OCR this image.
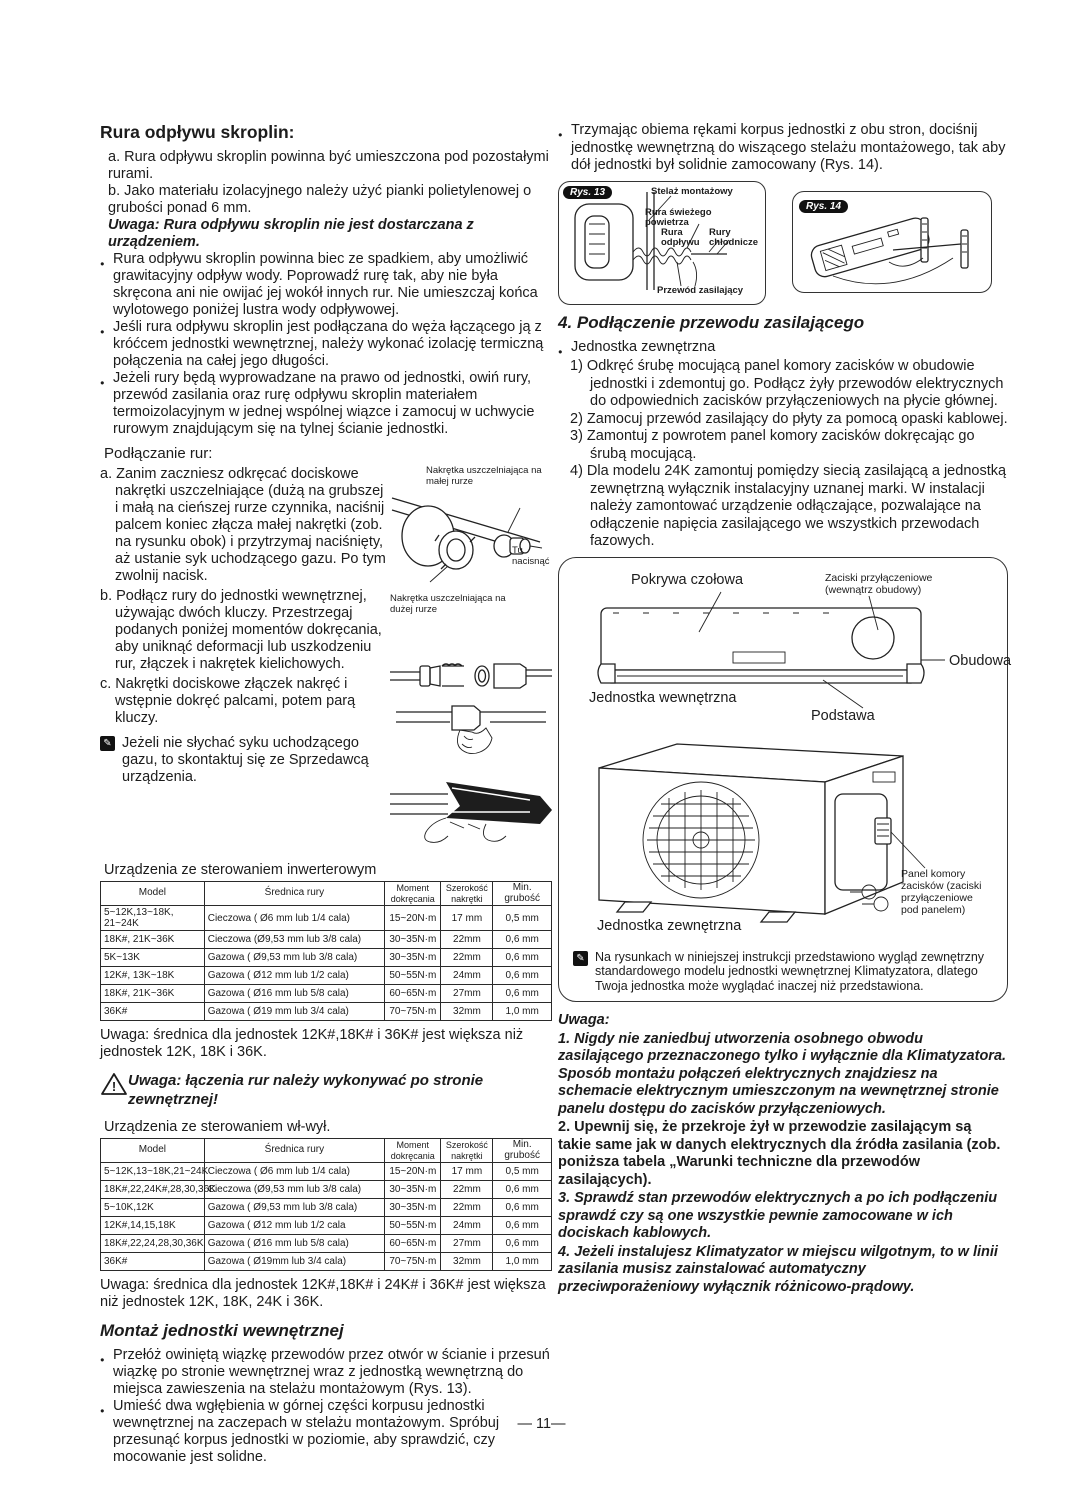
Rura odpływu skroplin:

a. Rura odpływu skroplin powinna być umieszczona pod pozostałymi rurami.

b. Jako materiału izolacyjnego należy użyć pianki polietylenowej o grubości ponad 6 mm.

Uwaga: Rura odpływu skroplin nie jest dostarczana z urządzeniem.

● Rura odpływu skroplin powinna biec ze spadkiem, aby umożliwić grawitacyjny odpływ wody. Poprowadź rurę tak, aby nie była skręcona ani nie owijać jej wokół innych rur. Nie umieszczaj końca wylotowego poniżej lustra wody odpływowej.
● Jeśli rura odpływu skroplin jest podłączana do węża łączącego ją z króćcem jednostki wewnętrznej, należy wykonać izolację termiczną połączenia na całej jego długości.
● Jeżeli rury będą wyprowadzane na prawo od jednostki, owiń rury, przewód zasilania oraz rurę odpływu skroplin materiałem termoizolacyjnym w jednej wspólnej wiązce i zamocuj w uchwycie rurowym znajdującym się na tylnej ścianie jednostki.

Podłączanie rur:

a. Zanim zaczniesz odkręcać dociskowe nakrętki uszczelniające (dużą na grubszej i małą na cieńszej rurze czynnika, naciśnij palcem koniec złącza małej nakrętki (zob. na rysunku obok) i przytrzymaj naciśnięty, aż ustanie syk uchodzącego gazu. Po tym zwolnij nacisk.

b. Podłącz rury do jednostki wewnętrznej, używając dwóch kluczy. Przestrzegaj podanych poniżej momentów dokręcania, aby uniknąć deformacji lub uszkodzeniu rur, złączek i nakrętek kielichowych.

c. Nakrętki dociskowe złączek nakręć i wstępnie dokręć palcami, potem parą kluczy.

✎ Jeżeli nie słychać syku uchodzącego gazu, to skontaktuj się ze Sprzedawcą urządzenia.
Nakrętka uszczelniająca na małej rurze
Tu nacisnąć
Nakrętka uszczelniająca na dużej rurze
Urządzenia ze sterowaniem inwerterowym
Model	Średnica rury	Moment dokręcania	Szerokość nakrętki	Min. grubość
5~12K,13~18K, 21~24K	Cieczowa ( Ø6 mm lub 1/4 cala)	15~20N·m	17 mm	0,5 mm
18K#, 21K~36K	Cieczowa (Ø9,53 mm lub 3/8 cala)	30~35N·m	22mm	0,6 mm
5K~13K	Gazowa ( Ø9,53 mm lub 3/8 cala)	30~35N·m	22mm	0,6 mm
12K#, 13K~18K	Gazowa ( Ø12 mm lub 1/2 cala)	50~55N·m	24mm	0,6 mm
18K#, 21K~36K	Gazowa ( Ø16 mm lub 5/8 cala)	60~65N·m	27mm	0,6 mm
36K#	Gazowa ( Ø19 mm lub 3/4 cala)	70~75N·m	32mm	1,0 mm

Uwaga: średnica dla jednostek 12K#,18K# i 36K# jest większa niż jednostek 12K, 18K i 36K.

! Uwaga: łączenia rur należy wykonywać po stronie zewnętrznej!
Urządzenia ze sterowaniem wł-wył.
Model	Średnica rury	Moment dokręcania	Szerokość nakrętki	Min. grubość
5~12K,13~18K,21~24K	Cieczowa ( Ø6 mm lub 1/4 cala)	15~20N·m	17 mm	0,5 mm
18K#,22,24K#,28,30,36K	Cieczowa (Ø9,53 mm lub 3/8 cala)	30~35N·m	22mm	0,6 mm
5~10K,12K	Gazowa ( Ø9,53 mm lub 3/8 cala)	30~35N·m	22mm	0,6 mm
12K#,14,15,18K	Gazowa ( Ø12 mm lub 1/2 cala	50~55N·m	24mm	0,6 mm
18K#,22,24,28,30,36K	Gazowa ( Ø16 mm lub 5/8 cala)	60~65N·m	27mm	0,6 mm
36K#	Gazowa ( Ø19mm lub 3/4 cala)	70~75N·m	32mm	1,0 mm

Uwaga: średnica dla jednostek 12K#,18K# i 24K# i 36K# jest większa niż jednostek 12K, 18K, 24K i 36K.

Montaż jednostki wewnętrznej
● Przełóż owiniętą wiązkę przewodów przez otwór w ścianie i przesuń wiązkę po stronie wewnętrznej wraz z jednostką wewnętrzną do miejsca zawieszenia na stelażu montażowym (Rys. 13).
● Umieść dwa wgłębienia w górnej części korpusu jednostki wewnętrznej na zaczepach w stelażu montażowym. Spróbuj przesunąć korpus jednostki w poziomie, aby sprawdzić, czy mocowanie jest solidne.
● Trzymając obiema rękami korpus jednostki z obu stron, dociśnij jednostkę wewnętrzną do wiszącego stelażu montażowego, tak aby dół jednostki był solidnie zamocowany (Rys. 14).
Rys. 13	Stelaż montażowy
Rura świeżego powietrza
Rura odpływu
Rury chłodnicze
Przewód zasilający
Rys. 14
4. Podłączenie przewodu zasilającego
● Jednostka zewnętrzna

1) Odkręć śrubę mocującą panel komory zacisków w obudowie jednostki i zdemontuj go. Podłącz żyły przewodów elektrycznych do odpowiednich zacisków przyłączeniowych na płycie głównej.

2) Zamocuj przewód zasilający do płyty za pomocą opaski kablowej.

3) Zamontuj z powrotem panel komory zacisków dokręcając go śrubą mocującą.

4) Dla modelu 24K zamontuj pomiędzy siecią zasilającą a jednostką zewnętrzną wyłącznik instalacyjny uznanej marki. W instalacji należy zamontować urządzenie odłączające, pozwalające na odłączenie napięcia zasilającego we wszystkich przewodach fazowych.

Pokrywa czołowa	Zaciski przyłączeniowe (wewnątrz obudowy)
Obudowa
Jednostka wewnętrzna
Podstawa
Jednostka zewnętrzna
Panel komory zacisków (zaciski przyłączeniowe pod panelem)
✎ Na rysunkach w niniejszej instrukcji przedstawiono wygląd zewnętrzny standardowego modelu jednostki wewnętrznej Klimatyzatora, dlatego Twoja jednostka może wyglądać inaczej niż przedstawiona.

Uwaga:

1. Nigdy nie zaniedbuj utworzenia osobnego obwodu zasilającego przeznaczonego tylko i wyłącznie dla Klimatyzatora. Sposób montażu połączeń elektrycznych znajdziesz na schemacie elektrycznym umieszczonym na wewnętrznej stronie panelu dostępu do zacisków przyłączeniowych.

2. Upewnij się, że przekroje żył w przewodzie zasilającym są takie same jak w danych elektrycznych dla źródła zasilania (zob. poniższa tabela „Warunki techniczne dla przewodów zasilających).

3. Sprawdź stan przewodów elektrycznych a po ich podłączeniu sprawdź czy są one wszystkie pewnie zamocowane w ich dociskach kablowych.

4. Jeżeli instalujesz Klimatyzator w miejscu wilgotnym, to w linii zasilania musisz zainstalować automatyczny przeciwporażeniowy wyłącznik różnicowo-prądowy.

— 11—
